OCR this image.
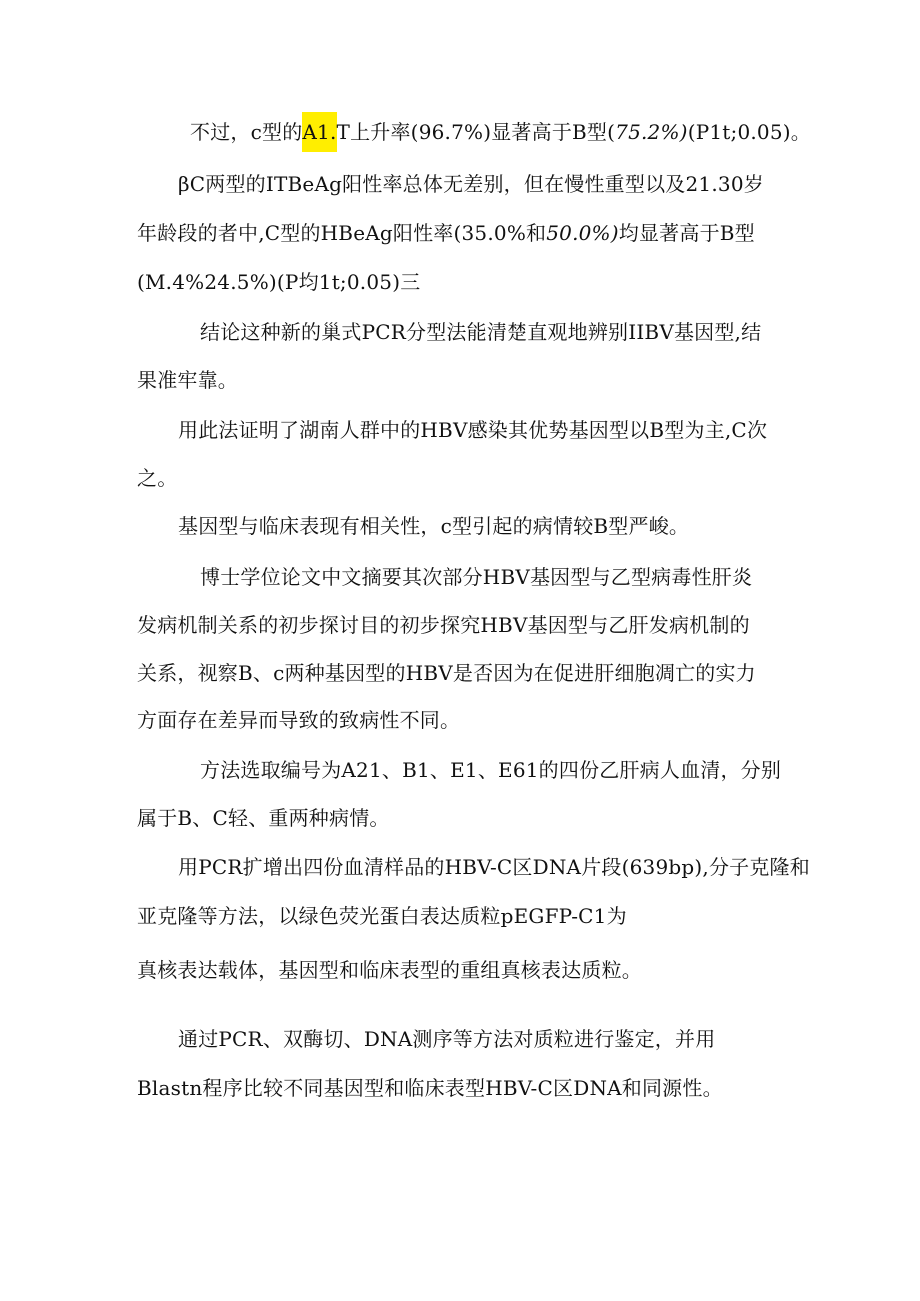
不过，c型的A1.T上升率(96.7%)显著高于B型(75.2%)(P1t;0.05)。
βC两型的ITBeAg阳性率总体无差别，但在慢性重型以及21.30岁
年龄段的者中,C型的HBeAg阳性率(35.0%和50.0%)均显著高于B型
(M.4%24.5%)(P均1t;0.05)三
结论这种新的巢式PCR分型法能清楚直观地辨别IIBV基因型,结
果准牢靠。
用此法证明了湖南人群中的HBV感染其优势基因型以B型为主,C次
之。
基因型与临床表现有相关性，c型引起的病情较B型严峻。
博士学位论文中文摘要其次部分HBV基因型与乙型病毒性肝炎
发病机制关系的初步探讨目的初步探究HBV基因型与乙肝发病机制的
关系，视察B、c两种基因型的HBV是否因为在促进肝细胞凋亡的实力
方面存在差异而导致的致病性不同。
方法选取编号为A21、B1、E1、E61的四份乙肝病人血清，分别
属于B、C轻、重两种病情。
用PCR扩增出四份血清样品的HBV-C区DNA片段(639bp),分子克隆和
亚克隆等方法，以绿色荧光蛋白表达质粒pEGFP-C1为
真核表达载体，基因型和临床表型的重组真核表达质粒。
通过PCR、双酶切、DNA测序等方法对质粒进行鉴定，并用
Blastn程序比较不同基因型和临床表型HBV-C区DNA和同源性。
